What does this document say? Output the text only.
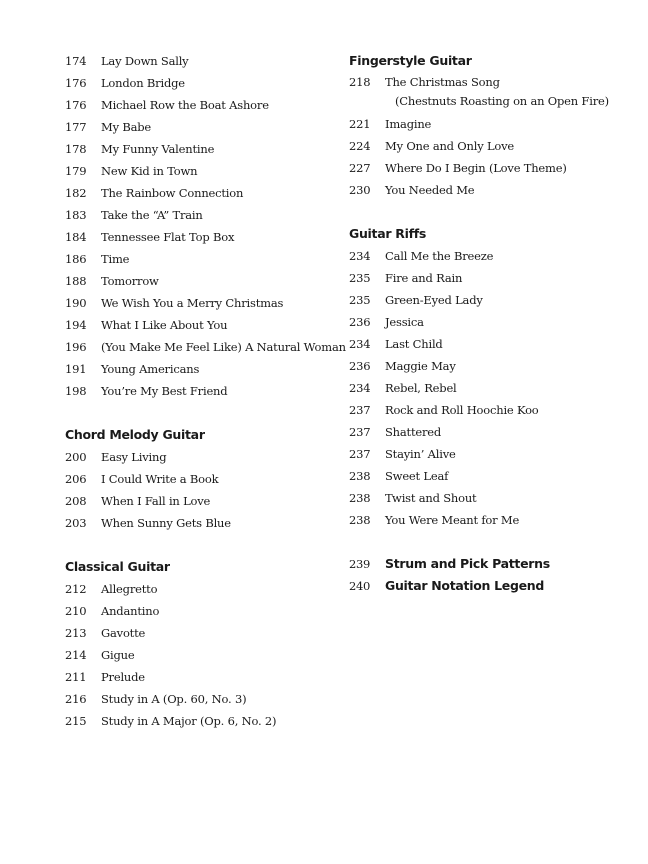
174	Lay Down Sally
176	London Bridge
176	Michael Row the Boat Ashore
177	My Babe
178	My Funny Valentine
179	New Kid in Town
182	The Rainbow Connection
183	Take the “A” Train
184	Tennessee Flat Top Box
186	Time
188	Tomorrow
190	We Wish You a Merry Christmas
194	What I Like About You
196	(You Make Me Feel Like) A Natural Woman
191	Young Americans
198	You’re My Best Friend
Chord Melody Guitar
200	Easy Living
206	I Could Write a Book
208	When I Fall in Love
203	When Sunny Gets Blue
Classical Guitar
212	Allegretto
210	Andantino
213	Gavotte
214	Gigue
211	Prelude
216	Study in A (Op. 60, No. 3)
215	Study in A Major (Op. 6, No. 2)
Fingerstyle Guitar
218	The Christmas Song
(Chestnuts Roasting on an Open Fire)
221	Imagine
224	My One and Only Love
227	Where Do I Begin (Love Theme)
230	You Needed Me
Guitar Riffs
234	Call Me the Breeze
235	Fire and Rain
235	Green-Eyed Lady
236	Jessica
234	Last Child
236	Maggie May
234	Rebel, Rebel
237	Rock and Roll Hoochie Koo
237	Shattered
237	Stayin’ Alive
238	Sweet Leaf
238	Twist and Shout
238	You Were Meant for Me
239	Strum and Pick Patterns
240	Guitar Notation Legend
